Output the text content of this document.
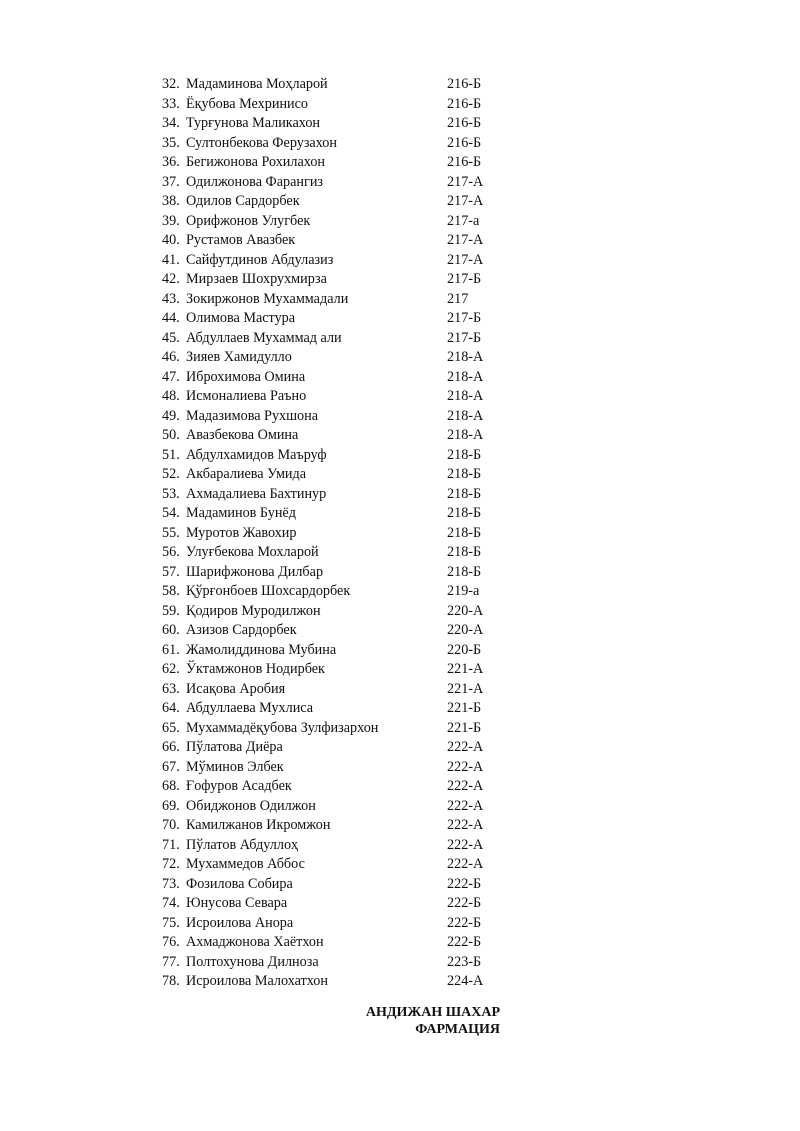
32. Мадаминова Моҳларой	216-Б
33. Ёқубова Мехринисо	216-Б
34. Турғунова Маликахон	216-Б
35. Султонбекова Ферузахон	216-Б
36. Бегижонова Рохилахон	216-Б
37. Одилжонова Фарангиз	217-А
38. Одилов Сардорбек	217-А
39. Орифжонов Улугбек	217-а
40. Рустамов Авазбек	217-А
41. Сайфутдинов Абдулазиз	217-А
42. Мирзаев Шохрухмирза	217-Б
43. Зокиржонов Мухаммадали	217
44. Олимова Мастура	217-Б
45. Абдуллаев Мухаммад али	217-Б
46. Зияев Хамидулло	218-А
47. Иброхимова Омина	218-А
48. Исмоналиева Раъно	218-А
49. Мадазимова Рухшона	218-А
50. Авазбекова Омина	218-А
51. Абдулхамидов Маъруф	218-Б
52. Акбаралиева Умида	218-Б
53. Ахмадалиева Бахтинур	218-Б
54. Мадаминов Бунёд	218-Б
55. Муротов Жавохир	218-Б
56. Улуғбекова Мохларой	218-Б
57. Шарифжонова Дилбар	218-Б
58. Қўрғонбоев Шохсардорбек	219-а
59. Қодиров Муродилжон	220-А
60. Азизов Сардорбек	220-А
61. Жамолиддинова Мубина	220-Б
62. Ўктамжонов Нодирбек	221-А
63. Исақова Аробия	221-А
64. Абдуллаева Мухлиса	221-Б
65. Мухаммадёқубова Зулфизархон	221-Б
66. Пўлатова Диёра	222-А
67. Мўминов Элбек	222-А
68. Ғофуров Асадбек	222-А
69. Обиджонов Одилжон	222-А
70. Камилжанов Икромжон	222-А
71. Пўлатов Абдуллоҳ	222-А
72. Мухаммедов Аббос	222-А
73. Фозилова Собира	222-Б
74. Юнусова Севара	222-Б
75. Исроилова Анора	222-Б
76. Ахмаджонова Хаётхон	222-Б
77. Полтохунова Дилноза	223-Б
78. Исроилова Малохатхон	224-А
АНДИЖАН ШАХАР
ФАРМАЦИЯ
